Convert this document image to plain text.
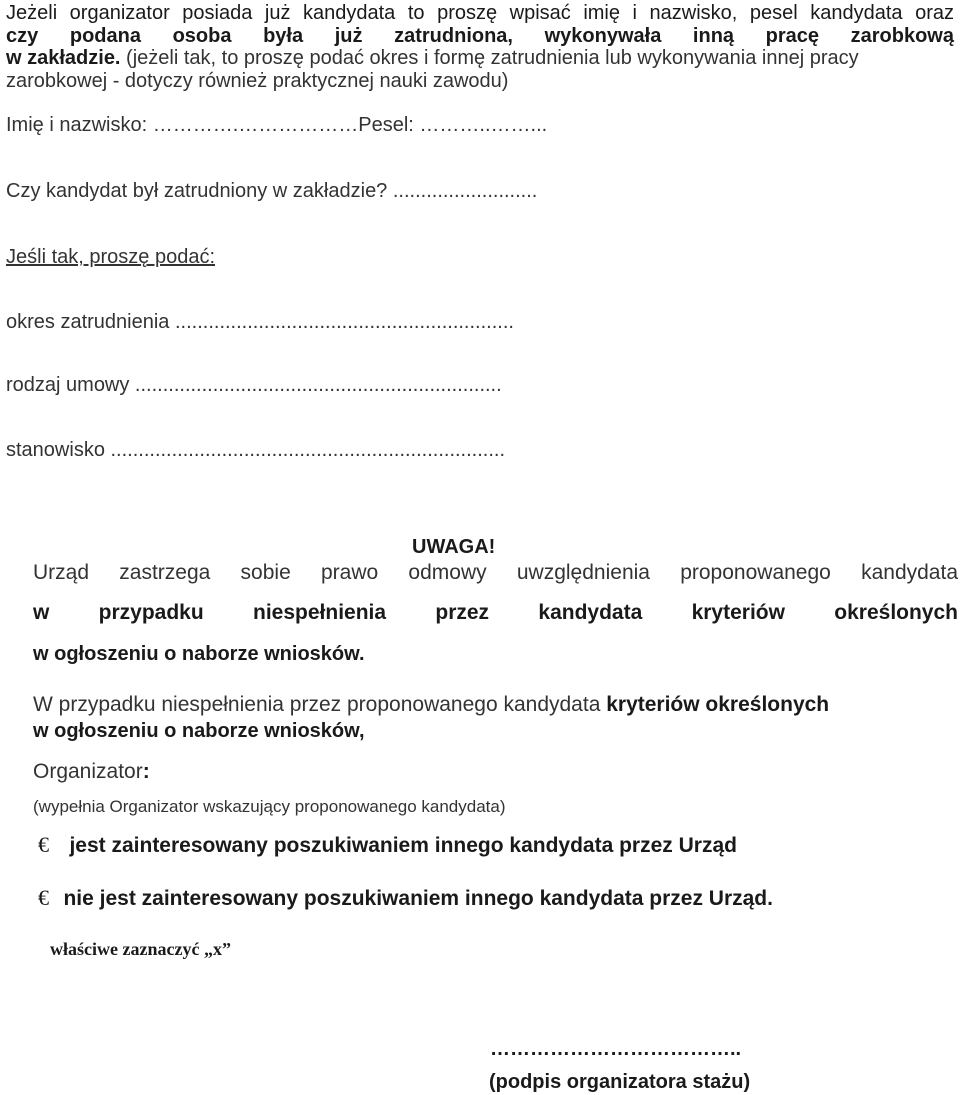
Jeżeli organizator posiada już kandydata to proszę wpisać imię i nazwisko, pesel kandydata oraz
czy podana osoba była już zatrudniona, wykonywała inną pracę zarobkową
w zakładzie. (jeżeli tak, to proszę podać okres i formę zatrudnienia lub wykonywania innej pracy
zarobkowej - dotyczy również praktycznej nauki zawodu)
Imię i nazwisko: ………….………………Pesel: ………..……...
Czy kandydat był zatrudniony w zakładzie? ..........................
Jeśli tak, proszę podać:
okres zatrudnienia .............................................................
rodzaj umowy ..................................................................
stanowisko .......................................................................
UWAGA!
Urząd zastrzega sobie prawo odmowy uwzględnienia proponowanego kandydata
w przypadku niespełnienia przez kandydata kryteriów określonych
w ogłoszeniu o naborze wniosków.
W przypadku niespełnienia przez proponowanego kandydata kryteriów określonych
w ogłoszeniu o naborze wniosków,
Organizator:
(wypełnia Organizator wskazujący proponowanego kandydata)
€ jest zainteresowany poszukiwaniem innego kandydata przez Urząd
€ nie jest zainteresowany poszukiwaniem innego kandydata przez Urząd.
właściwe zaznaczyć „x”
………………………………..
(podpis organizatora stażu)
